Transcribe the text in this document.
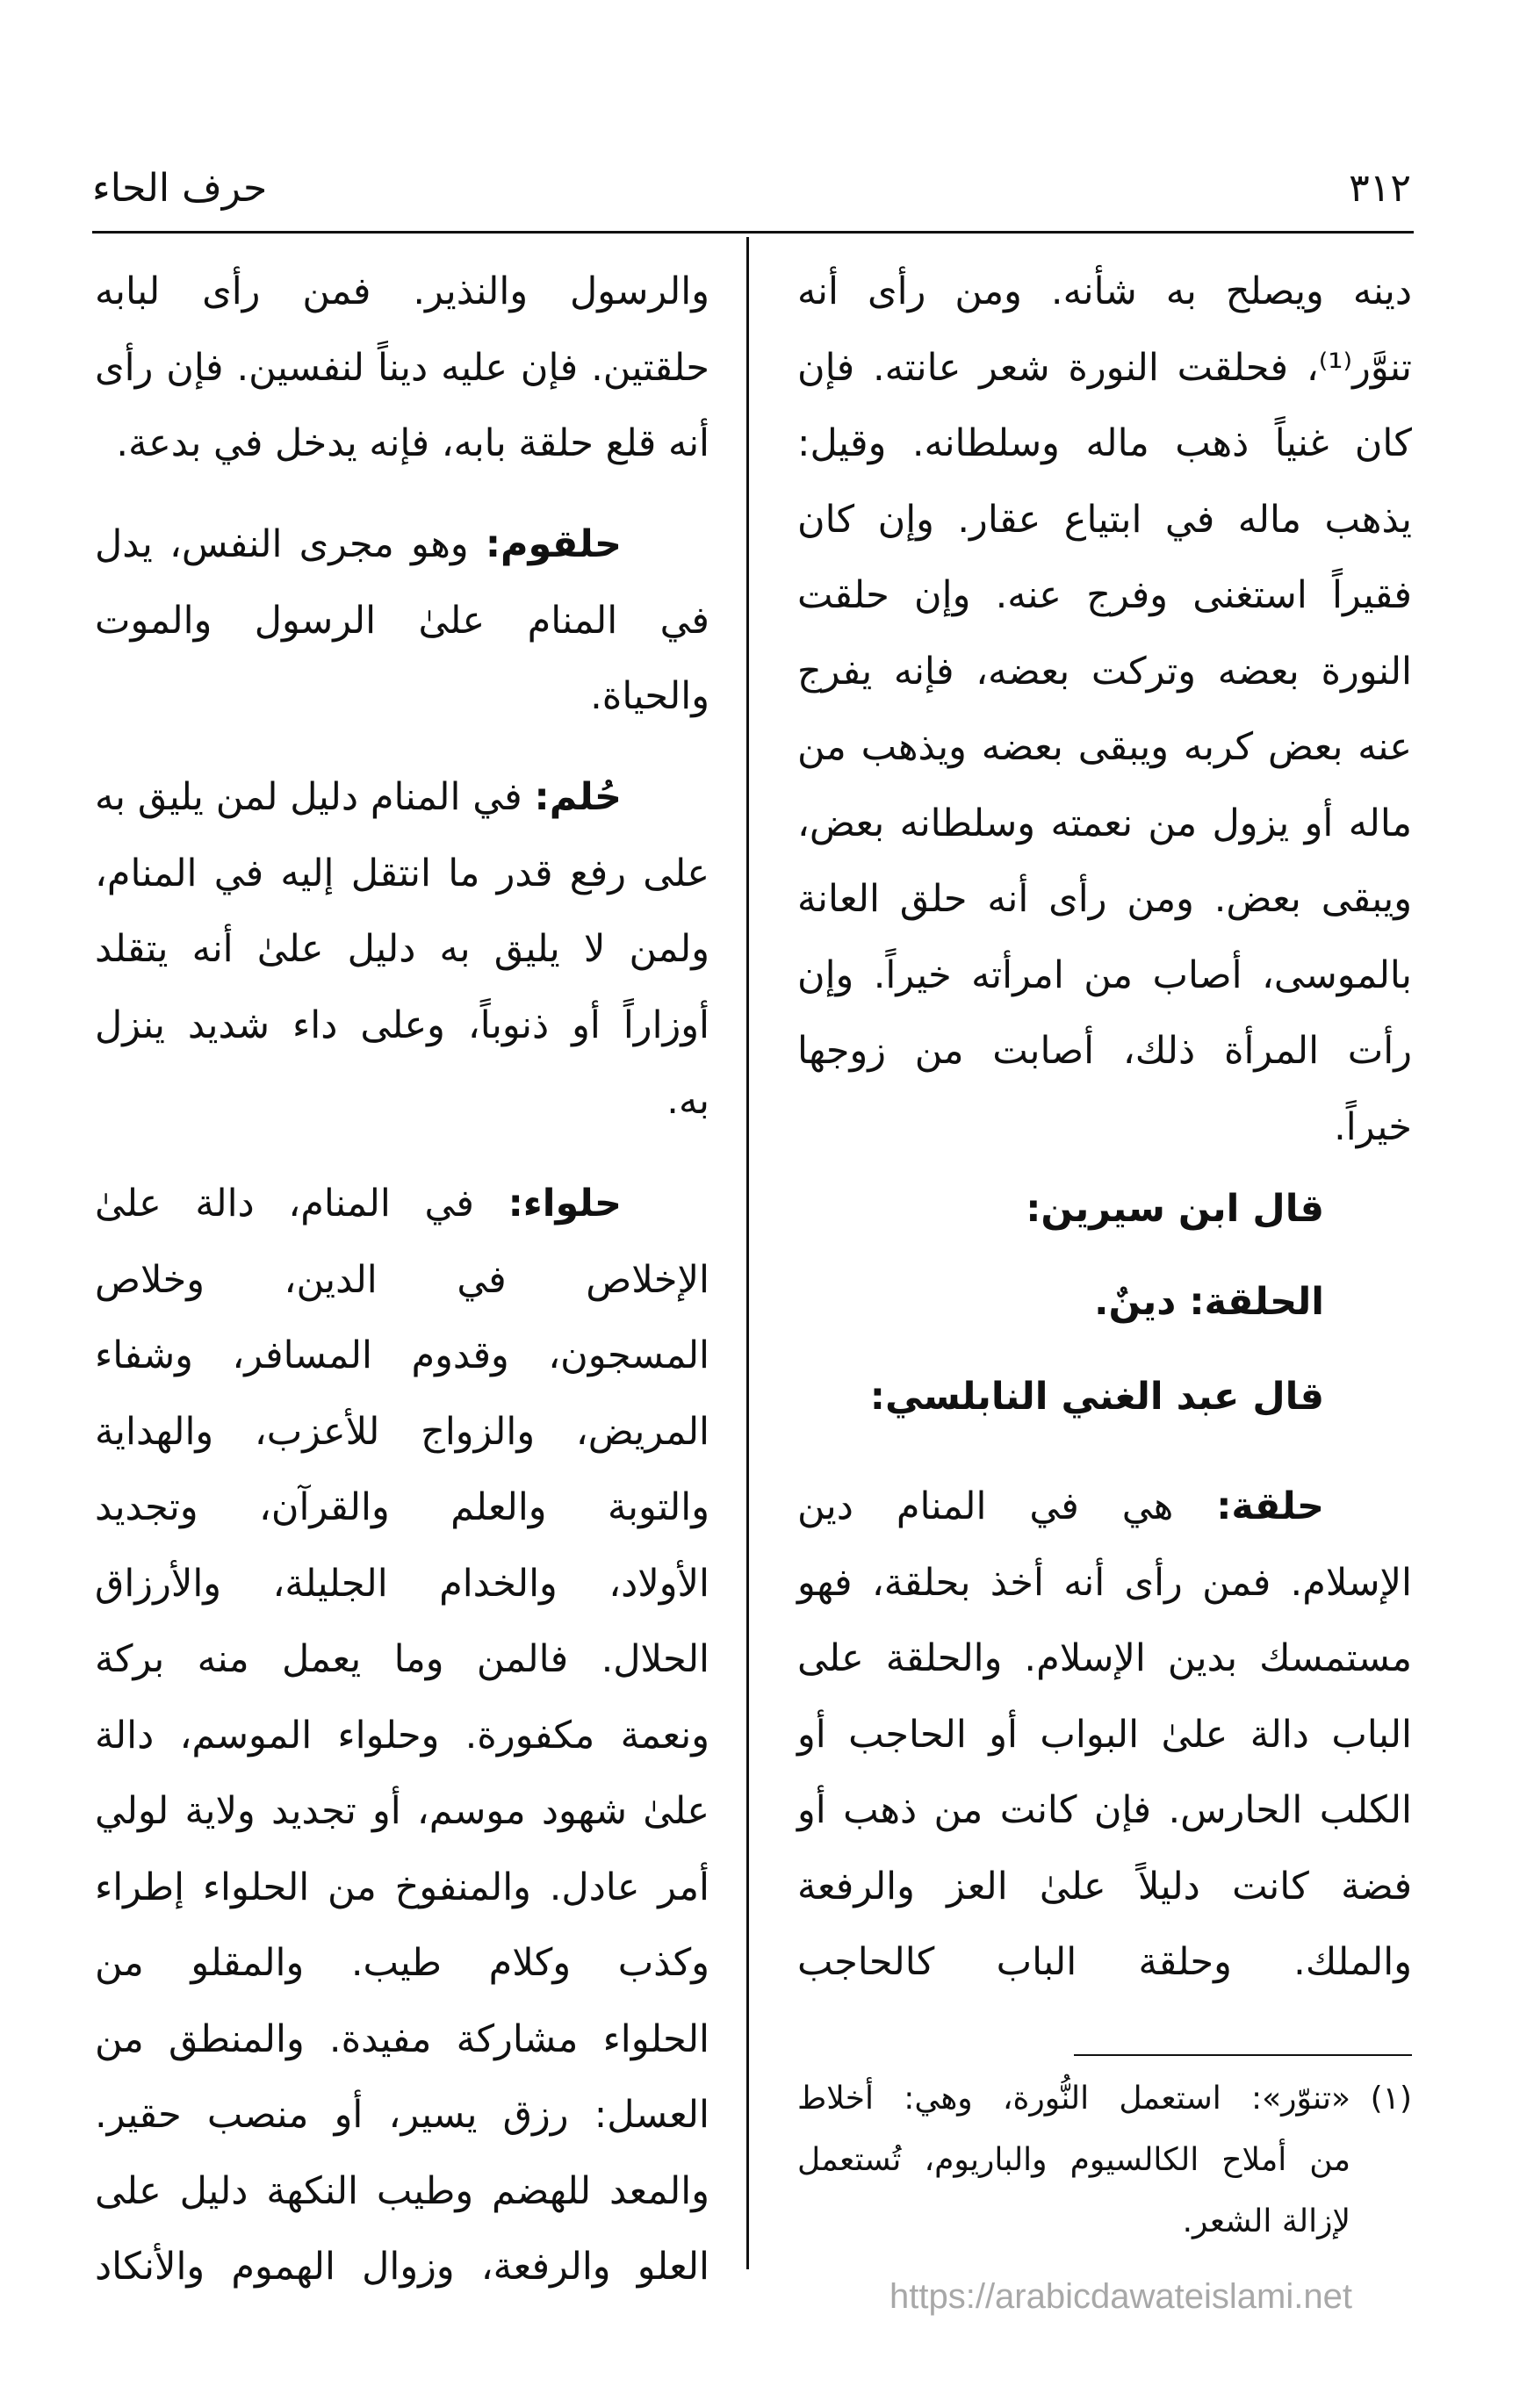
٣١٢
حرف الحاء
دينه ويصلح به شأنه. ومن رأى أنه
تنوَّر⁽¹⁾، فحلقت النورة شعر عانته. فإن
كان غنياً ذهب ماله وسلطانه. وقيل:
يذهب ماله في ابتياع عقار. وإن كان
فقيراً استغنى وفرج عنه. وإن حلقت
النورة بعضه وتركت بعضه، فإنه يفرج
عنه بعض كربه ويبقى بعضه ويذهب من
ماله أو يزول من نعمته وسلطانه بعض،
ويبقى بعض. ومن رأى أنه حلق العانة
بالموسى، أصاب من امرأته خيراً. وإن
رأت المرأة ذلك، أصابت من زوجها
خيراً.
قال ابن سيرين:
الحلقة: دينٌ.
قال عبد الغني النابلسي:
حلقة: هي في المنام دين
الإسلام. فمن رأى أنه أخذ بحلقة، فهو
مستمسك بدين الإسلام. والحلقة على
الباب دالة علىٰ البواب أو الحاجب أو
الكلب الحارس. فإن كانت من ذهب أو
فضة كانت دليلاً علىٰ العز والرفعة
والملك. وحلقة الباب كالحاجب
والرسول والنذير. فمن رأى لبابه
حلقتين. فإن عليه ديناً لنفسين. فإن رأى
أنه قلع حلقة بابه، فإنه يدخل في بدعة.
حلقوم: وهو مجرى النفس، يدل
في المنام علىٰ الرسول والموت
والحياة.
حُلم: في المنام دليل لمن يليق به
على رفع قدر ما انتقل إليه في المنام،
ولمن لا يليق به دليل علىٰ أنه يتقلد
أوزاراً أو ذنوباً، وعلى داء شديد ينزل
به.
حلواء: في المنام، دالة علىٰ
الإخلاص في الدين، وخلاص
المسجون، وقدوم المسافر، وشفاء
المريض، والزواج للأعزب، والهداية
والتوبة والعلم والقرآن، وتجديد
الأولاد، والخدام الجليلة، والأرزاق
الحلال. فالمن وما يعمل منه بركة
ونعمة مكفورة. وحلواء الموسم، دالة
علىٰ شهود موسم، أو تجديد ولاية لولي
أمر عادل. والمنفوخ من الحلواء إطراء
وكذب وكلام طيب. والمقلو من
الحلواء مشاركة مفيدة. والمنطق من
العسل: رزق يسير، أو منصب حقير.
والمعد للهضم وطيب النكهة دليل على
العلو والرفعة، وزوال الهموم والأنكاد
(١)«تنوّر»: استعمل النُّورة، وهي: أخلاط
من أملاح الكالسيوم والباريوم، تُستعمل
لإزالة الشعر.
https://arabicdawateislami.net
